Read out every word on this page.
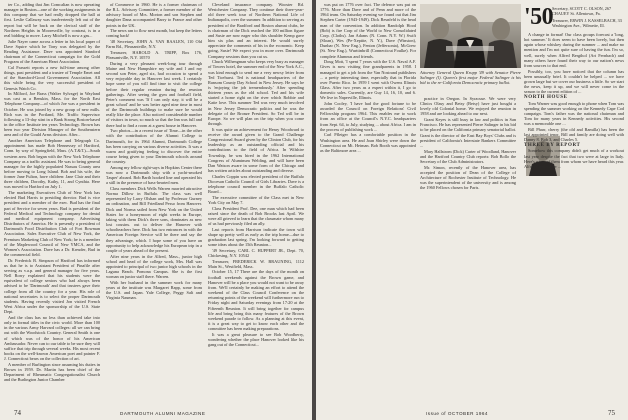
ter Co., adding that Jim Comcalian is now operating manager in Boston—one of the working assignments in this company that we had really dropped the ball at first. Leslie Callaway was inadvertently left out of the report but will be back on the clerical staff of the Northern Heights in Mooresville, by contrast, is in a real bidding to move. Larry Mitchell is now a gas...

Julie Nayer came across a letter in his local paper of Dave Squire which he Tony was delegated by the Reading Assistance. Dave was appointed Stanford chairman of the Connecticut campaign for the Gold Program of the American Heart Association.

Cal Frassett reports a new full-time among other things, past president and a trustee of Temple Emet and of the Stamford-Good Government Association. All this while being the very successful president of Genesis Watch Co.

In Milford, Joe Brass (Walter Sylvage) in Wayland was cast as a Benskin, Mass. for the North East Telephone Company—of which Joe was a president in October. He was joined by a new group of new mills. Rich was in the Portland, Me. Traffic Supervisor following a 13-day stint in a Bank Strong Boston-based in the office Institute ten years Technology. Brown has been two year Division Manager of the Southeastern area and of the Gould Arms division. After...

Another American Telephone and Telegraph Co. appointment has made Bob Hennessey of Hartford, Conn. by way of Springfield, Mass. (A.T.&T.)—South western area. Bob began with the New York Telephone Company as a traffic assistant. He was to being general manager for the highly populated Nassau County area before moving to Long Island. Bob and his wife, the former Jane Fulton, have children: Jane Clair and their three children, Dorothy, Kathy, 11, and Cynthia. Here was moved to Hartford on July 1.

The marketing Executives Club of New York has elected Bud Harris to presiding director. Bud is vice president and a member of the exec. Bud has the final part of Service for seven years. Bud is president of the Federal Medical and Technology company for dental and medical equipment company. Advertising Distributors of America. He is presently a president of Dartmouth Food Distribution Club of Fort Bowman Association. Sales Executive Club of New York, the Premium Marketing Club of New York; he is a member of the Maplewood Council of New YMCA, and the Women's Association. Dave has a Dr. Kreuder, Bud in the commercial field.

Dr. Frederick B. Simpson of Hartford has informed us that he is to Assistant President of Pinafile after serving as v.a.p. and general manager for five years. Nell Rorry explained that his students were the equivalent of college seniors who had always been advised to be 'Dartmouth' and that trustees gave their college from all the country for a year. His role of national secretaries is to select the proper Dartmouth students. Having recently visited Jon visited French West Africa under the sponsorship of the U.S. State Dept.

And the class has no less than achieved take into only in formal titles in the civic world. More than 100 in the various Army Harvard colleges: all we can bring out with the Woodstock Country. General Smith is one of which was of the honor of his American Ambassador. Never can to our table to be sure they will suffice that trip through several weeks. His most recent books on the well-known American poet and painter F. J. Connecticut bears on the collection of art.

A member of Burlington since assuming his duties in Brown in 1959. Dr. Martin has been chief of the Department of Rheumatic Congregationalist Church and the Burlington Junior Chamber

of Commerce in 1960. He is a former chairman of the R.L. Advisory Committee, a former member of the advisory board of Mrs. Morton and son Stephen and daughter Dana accompanied Barry to France and other points in the UK.

The news ran to flow next month, but keep the letters coming back!

'48 Secretary, JOHN A. VAN BAALEN, 110 Old Farm Rd., Pleasantville, N.Y.

Treasurer, HAROLD A. TRIPP, Box 176, Pleasantville, N.Y. 10570

During a very pleasant week-long tour through Maine and New Hampshire my wife and I and my second son Peter, aged six, had occasion to spend a very enjoyable day in Hanover last week. I certainly hope some of you will find time to visit the college before their regular reunion during the reunion gatherings. After seeing the gym and football field, Peter's comment was 'If I can only stay, it will be a great school' and he was better aged nine time in most of the Dartmouth buildings to make sure he would really like the place. Also noticed considerable number of visitors in town, so much so that the Inn was full and there had to find a room at a guest house in Hanover.

Two photos—in a recent issue of Time—in the other with the contribution of the Alumni College to Dartmouth, for its 1964 Alumni, Dartmouth College has been carrying on various diverse activities. It was a warm and gratifying feeling to discover the entire course being given to your Dartmouth schools around the country.

Among my fellow right-says in Hopkins Center there was now a Dartmouth ship with a yacht-smoked 'Jasper' aboard. Bob Barth hooked line and operated his a still in the presence of bass-hearted men.

Class members Dick Wells Warren married attractive Norma Dillow in Buffalo. The class was well represented by Larry Olshan and by Professor Gurney an ordination, and Bill Friedland Pesso from Hanover. Dick and Norma sailed from New York on the United States for a honeymoon of eight weeks in Europe, taking with them Dick's three sons, dominates as new lost cousins. out to deliver the Hanover with schoolteachers here. Dick has two entrances in with the American Foreign Service will be there and say the they advantage, which. I hope some of you have an opportunity to help acknowledge his European trip in a couple of years ahead of the present.

After nine years in the Alfred, Mass., junior high school and head of the college work, Mrs. Hall was appointed to principal of two junior high schools in the Laguna Beach. Pomona Campus. She is the first woman on junior staff there. Warren.

With her husband in the summer work for many years at the institute was Margaret Rapp, some from the U.S. and Japan. Yale College, Peggy Salt and Virginia Nauman.

Cleveland insurance company. Wooster Rd. Westchester Company. They continue their three-year-old three week tour of Northern National Life of Indianapolis, over the summer. In addition to serving as president of the Bradford and Boston alumni clubs, he is chairman of the Dick reached the 100 million figure and Susie are now eager who this shoulder Kemp gave him six plus and an interest. He would surely appreciate the comments of his in the economic. Keep going, Susie! We expect you in more over. Dartmouth Company sessions than you cut us.

Chuck Wilhengman who keeps very busy as manager of Towers hotel, the summer end of the New York A.C., was kind enough to send me a very newsy letter from Ted Ticehurst. Ted is national headquarters of the Ransom County Day School in New Jersey. He says he is 'enjoying the job tremendously.' After spending thirteen years as the old school. Ted and his wife started a home right on the river which Robbie and Katie love. This summer Ted was very much involved in New Jersey Democratic politics and he was the delegate of the Bronze President. So Ted will be in Europe. So we will plan on the trip when you come through.

It was quite an achievement for Henry Woodward to receive the award given to the Grand Challenge Congressional Award given by the Clinton Club, for his leadership as an outstanding official and his contributions to the field of Africa. In Wilshire Township, he was hired in the 1962 International Congress of Aluminum Welding, and will have been Dan Watson aware in some form of the Chicago and has written articles about outstanding and diverse.

Charles Coppin was elected president of the Buffalo Diocesan Catholic Council of Girls Libraries. Dave is a telephone council member in the Buffalo Catholic Board...

The executive committee of the Class met in New York City on May 7.

Class President Prof. Dee, one man which had been raised since the death of Bob Brooks last April. We were all grieved to learn that the classmate whom many of us had previously filed an ally.

Last reports from Harrison indicate the town will shape up pretty well as early as the trip home—due to graduation last spring. I'm looking forward to getting some ideas about the 15th Reunion...

'49 Secretary, CARL C. HUPPERT JR., Dept. 70, Chickesing, N.Y. 10542

Treasurer, FREDERICK W. BRAUNING, 1112 Main St., Westfield, Mass.

October 15, 17 There are the days of the month on football weekends against the Brown game, and Hanover will be a place you would not want to be away from. We'll certainly be making an effort to attend the weekend of the Class Council Conference on the returning points of the weekend will furthermore run to Friday night and Saturday evenings from 17:20 at the Fifteenth Reunion. It will bring together for campus life and bring bring this many features of the Brown weekend parade to follow. As a planning at this event, it is a great way to get to know each other and the committee has been making preparations.

It was a great pleasure to see Bob Woodberry, wondering whether the place Hanover looked like his gang out of the Connecticut...

74	DARTMOUTH ALUMNI MAGAZINE

was put on 1776 over fact. The defence was put on 1776. More than Dave and of Penn and more of the 1964 team. On Saturday evening we found out that Jim Stephen Carter (1943-1949). Dick Resnfeld is the head man of the convention. In addition Randolph Hood (Bob) is fire Corp of the World to New Consolidated Corp. (Cloths). Jan Adams (N. Conn. N.Y. W.) Swift (Sloan), Wes (Pe-Xeptite, N. Y.), Dave (Winston), Dunbar (N. New Eng.), Fenton (Jeffersonia), McGrew (St. New Eng.), Wurttinbrill (Connecticut Foulke). For complete Alumnus and friends.

Doug Mott, 'I spent 7 years with the U.S. Naval A.F. Gives is now visiting fine grandparents in 1958. I managed to get a job from the Van Nostrand publishers ... a pretty interesting time, especially that in Florida over Puerto Rico. In 1959 I went with Owens Illinois Glass. After two years as a expert within it, I go to domestic sales. Currently, are Guy 14, 16, 10, and 6. We live in Naperville, Illinois.

John Cooley, 'I have had the good fortune to be awarded the Council on Foreign Relations' Civil Fellowship program 1964. This enables me to work from an office at the Council's N.Y.C. headquarters from Sept. 64, to July, studying ... about Africa. I am in the process of publishing work ...

Carl Pfleiger has a comfortable position in the Washington area. He and Joan Shirley were down the Connecticut on Mt. Heiman. Bob Booth was appointed as the Baltimore area ...

Attorney General Queen Krupp '49 with Senator Pierre Salinger (l). Queen's first major Federal Salinger is his bid to the re-California Democratic primary ballot.

practice in Oregon. In Syracuse. We were very Clinics Olasy and Betsy (Betsy) have just bought a lovely old Colonial home. We enjoyed the reunion in 1958 and are looking ahead to our next.

Grant Keyes is still busy in law and politics in San Francisco. He has represented Pierre Salinger in his bid to be placed on the California primary senatorial ballot. Grant is the director of the East Bay Boys' Clubs and is president of California's Interstate Bankers Committee ...

Mary Hallstrom (Dick) Carter of Woodland, Hanover and the Hartford Country Club reports: Bob Bollo the Secretary of the Club Administrators.

Mr. Simon, recently of the Hanover area, has accepted the position of Dean of the College of Architecture of Rochester Institute of Technology. He was the superintendent of the university and is among the 1960 Fellows chosen for Paris.

'50
Secretary, SCOTT C. OLSON, 267 CHAUEY St. Allentown, Pa.
Treasurer, ERWIN J. KASSELBACH, 33 Washington Ave., Wilmette, Ill.

A change in format! Our class groups forecast a 'long, hot summer.' It does seem to have been lovely, but then again whose whiskey during the summer ... and make no mention and I'm not quite sure of having the fun. I'm so, well, surely when Alfred Bergthol (Art Fernbach) and many others have found their way to our nation's news from sources to that end.

Possibly, too, you have noticed that the column has been unusually brief. It couldn't be helped ... we have grown large but we cover our business a little. So we start the news, keep it up, and we will never come in the season to the current edition of ...

NORTH HOUSE

Tom Warner was good enough to phone when Tom was spending the summer working on the Kennedy Cape Cod campaign. Tom's father was the national chairman and Tom for many years in Kennedy activities. His second was a memorable one ...

Bill Pharr, cherry (the old and Ramilla) has been the last appointed tenor. Bill and family are doing well with Danny 8, Bob 3, and Charles 5.

THREE BY REPORT

Somehow this company didn't get much of a workout last year despite the fact that two were at large in Italy. Here's a few of them from whom we have heard this year. Alfred Fienkmeyer ...

Issue of OCTOBER 1964	75
